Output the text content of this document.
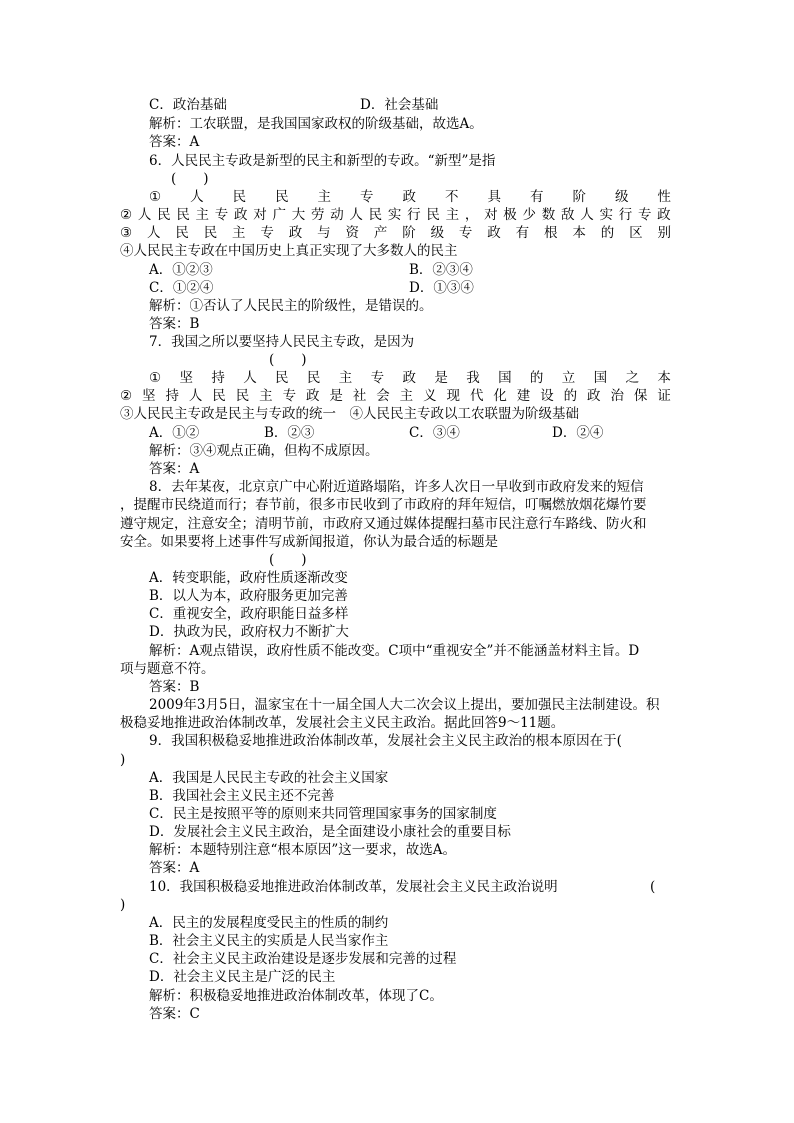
C．政治基础	D．社会基础
解析：工农联盟，是我国国家政权的阶级基础，故选A。
答案：A
6．人民民主专政是新型的民主和新型的专政。“新型”是指
(　　)
① 人 民 民 主 专 政 不 具 有 阶 级 性
② 人 民 民 主 专 政 对 广 大 劳 动 人 民 实 行 民 主 ， 对 极 少 数 敌 人 实 行 专 政
③ 人 民 民 主 专 政 与 资 产 阶 级 专 政 有 根 本 的 区 别
④人民民主专政在中国历史上真正实现了大多数人的民主
A．①②③	B．②③④
C．①②④	D．①③④
解析：①否认了人民民主的阶级性，是错误的。
答案：B
7．我国之所以要坚持人民民主专政，是因为
(　　)
① 坚 持 人 民 民 主 专 政 是 我 国 的 立 国 之 本
② 坚 持 人 民 民 主 专 政 是 社 会 主 义 现 代 化 建 设 的 政 治 保 证
③人民民主专政是民主与专政的统一　④人民民主专政以工农联盟为阶级基础
A．①②	B．②③	C．③④	D．②④
解析：③④观点正确，但构不成原因。
答案：A
8．去年某夜，北京京广中心附近道路塌陷，许多人次日一早收到市政府发来的短信
，提醒市民绕道而行；春节前，很多市民收到了市政府的拜年短信，叮嘱燃放烟花爆竹要
遵守规定，注意安全；清明节前，市政府又通过媒体提醒扫墓市民注意行车路线、防火和
安全。如果要将上述事件写成新闻报道，你认为最合适的标题是
(　　)
A．转变职能，政府性质逐渐改变
B．以人为本，政府服务更加完善
C．重视安全，政府职能日益多样
D．执政为民，政府权力不断扩大
解析：A观点错误，政府性质不能改变。C项中“重视安全”并不能涵盖材料主旨。D
项与题意不符。
答案：B
2009年3月5日，温家宝在十一届全国人大二次会议上提出，要加强民主法制建设。积
极稳妥地推进政治体制改革，发展社会主义民主政治。据此回答9～11题。
9．我国积极稳妥地推进政治体制改革，发展社会主义民主政治的根本原因在于(
)
A．我国是人民民主专政的社会主义国家
B．我国社会主义民主还不完善
C．民主是按照平等的原则来共同管理国家事务的国家制度
D．发展社会主义民主政治，是全面建设小康社会的重要目标
解析：本题特别注意“根本原因”这一要求，故选A。
答案：A
10．我国积极稳妥地推进政治体制改革，发展社会主义民主政治说明	(
)
A．民主的发展程度受民主的性质的制约
B．社会主义民主的实质是人民当家作主
C．社会主义民主政治建设是逐步发展和完善的过程
D．社会主义民主是广泛的民主
解析：积极稳妥地推进政治体制改革，体现了C。
答案：C
